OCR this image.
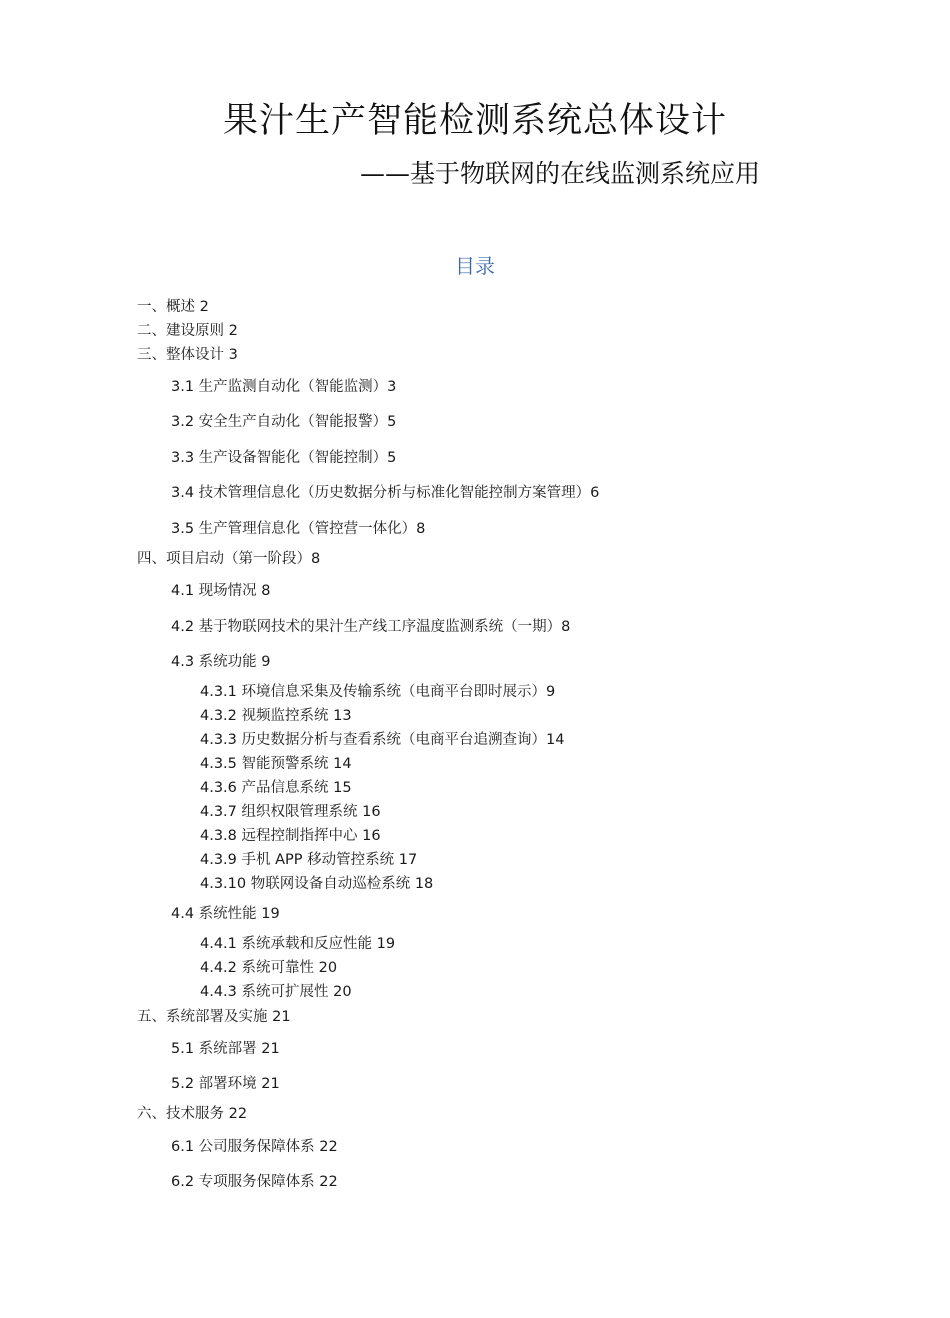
果汁生产智能检测系统总体设计
——基于物联网的在线监测系统应用
目录
一、概述 2
二、建设原则 2
三、整体设计 3
3.1 生产监测自动化（智能监测）3
3.2 安全生产自动化（智能报警）5
3.3 生产设备智能化（智能控制）5
3.4 技术管理信息化（历史数据分析与标准化智能控制方案管理）6
3.5 生产管理信息化（管控营一体化）8
四、项目启动（第一阶段）8
4.1 现场情况 8
4.2 基于物联网技术的果汁生产线工序温度监测系统（一期）8
4.3 系统功能 9
4.3.1 环境信息采集及传输系统（电商平台即时展示）9
4.3.2 视频监控系统 13
4.3.3 历史数据分析与查看系统（电商平台追溯查询）14
4.3.5 智能预警系统 14
4.3.6 产品信息系统 15
4.3.7 组织权限管理系统 16
4.3.8 远程控制指挥中心 16
4.3.9 手机 APP 移动管控系统 17
4.3.10 物联网设备自动巡检系统 18
4.4 系统性能 19
4.4.1 系统承载和反应性能 19
4.4.2 系统可靠性 20
4.4.3 系统可扩展性 20
五、系统部署及实施 21
5.1 系统部署 21
5.2 部署环境 21
六、技术服务 22
6.1 公司服务保障体系 22
6.2 专项服务保障体系 22
